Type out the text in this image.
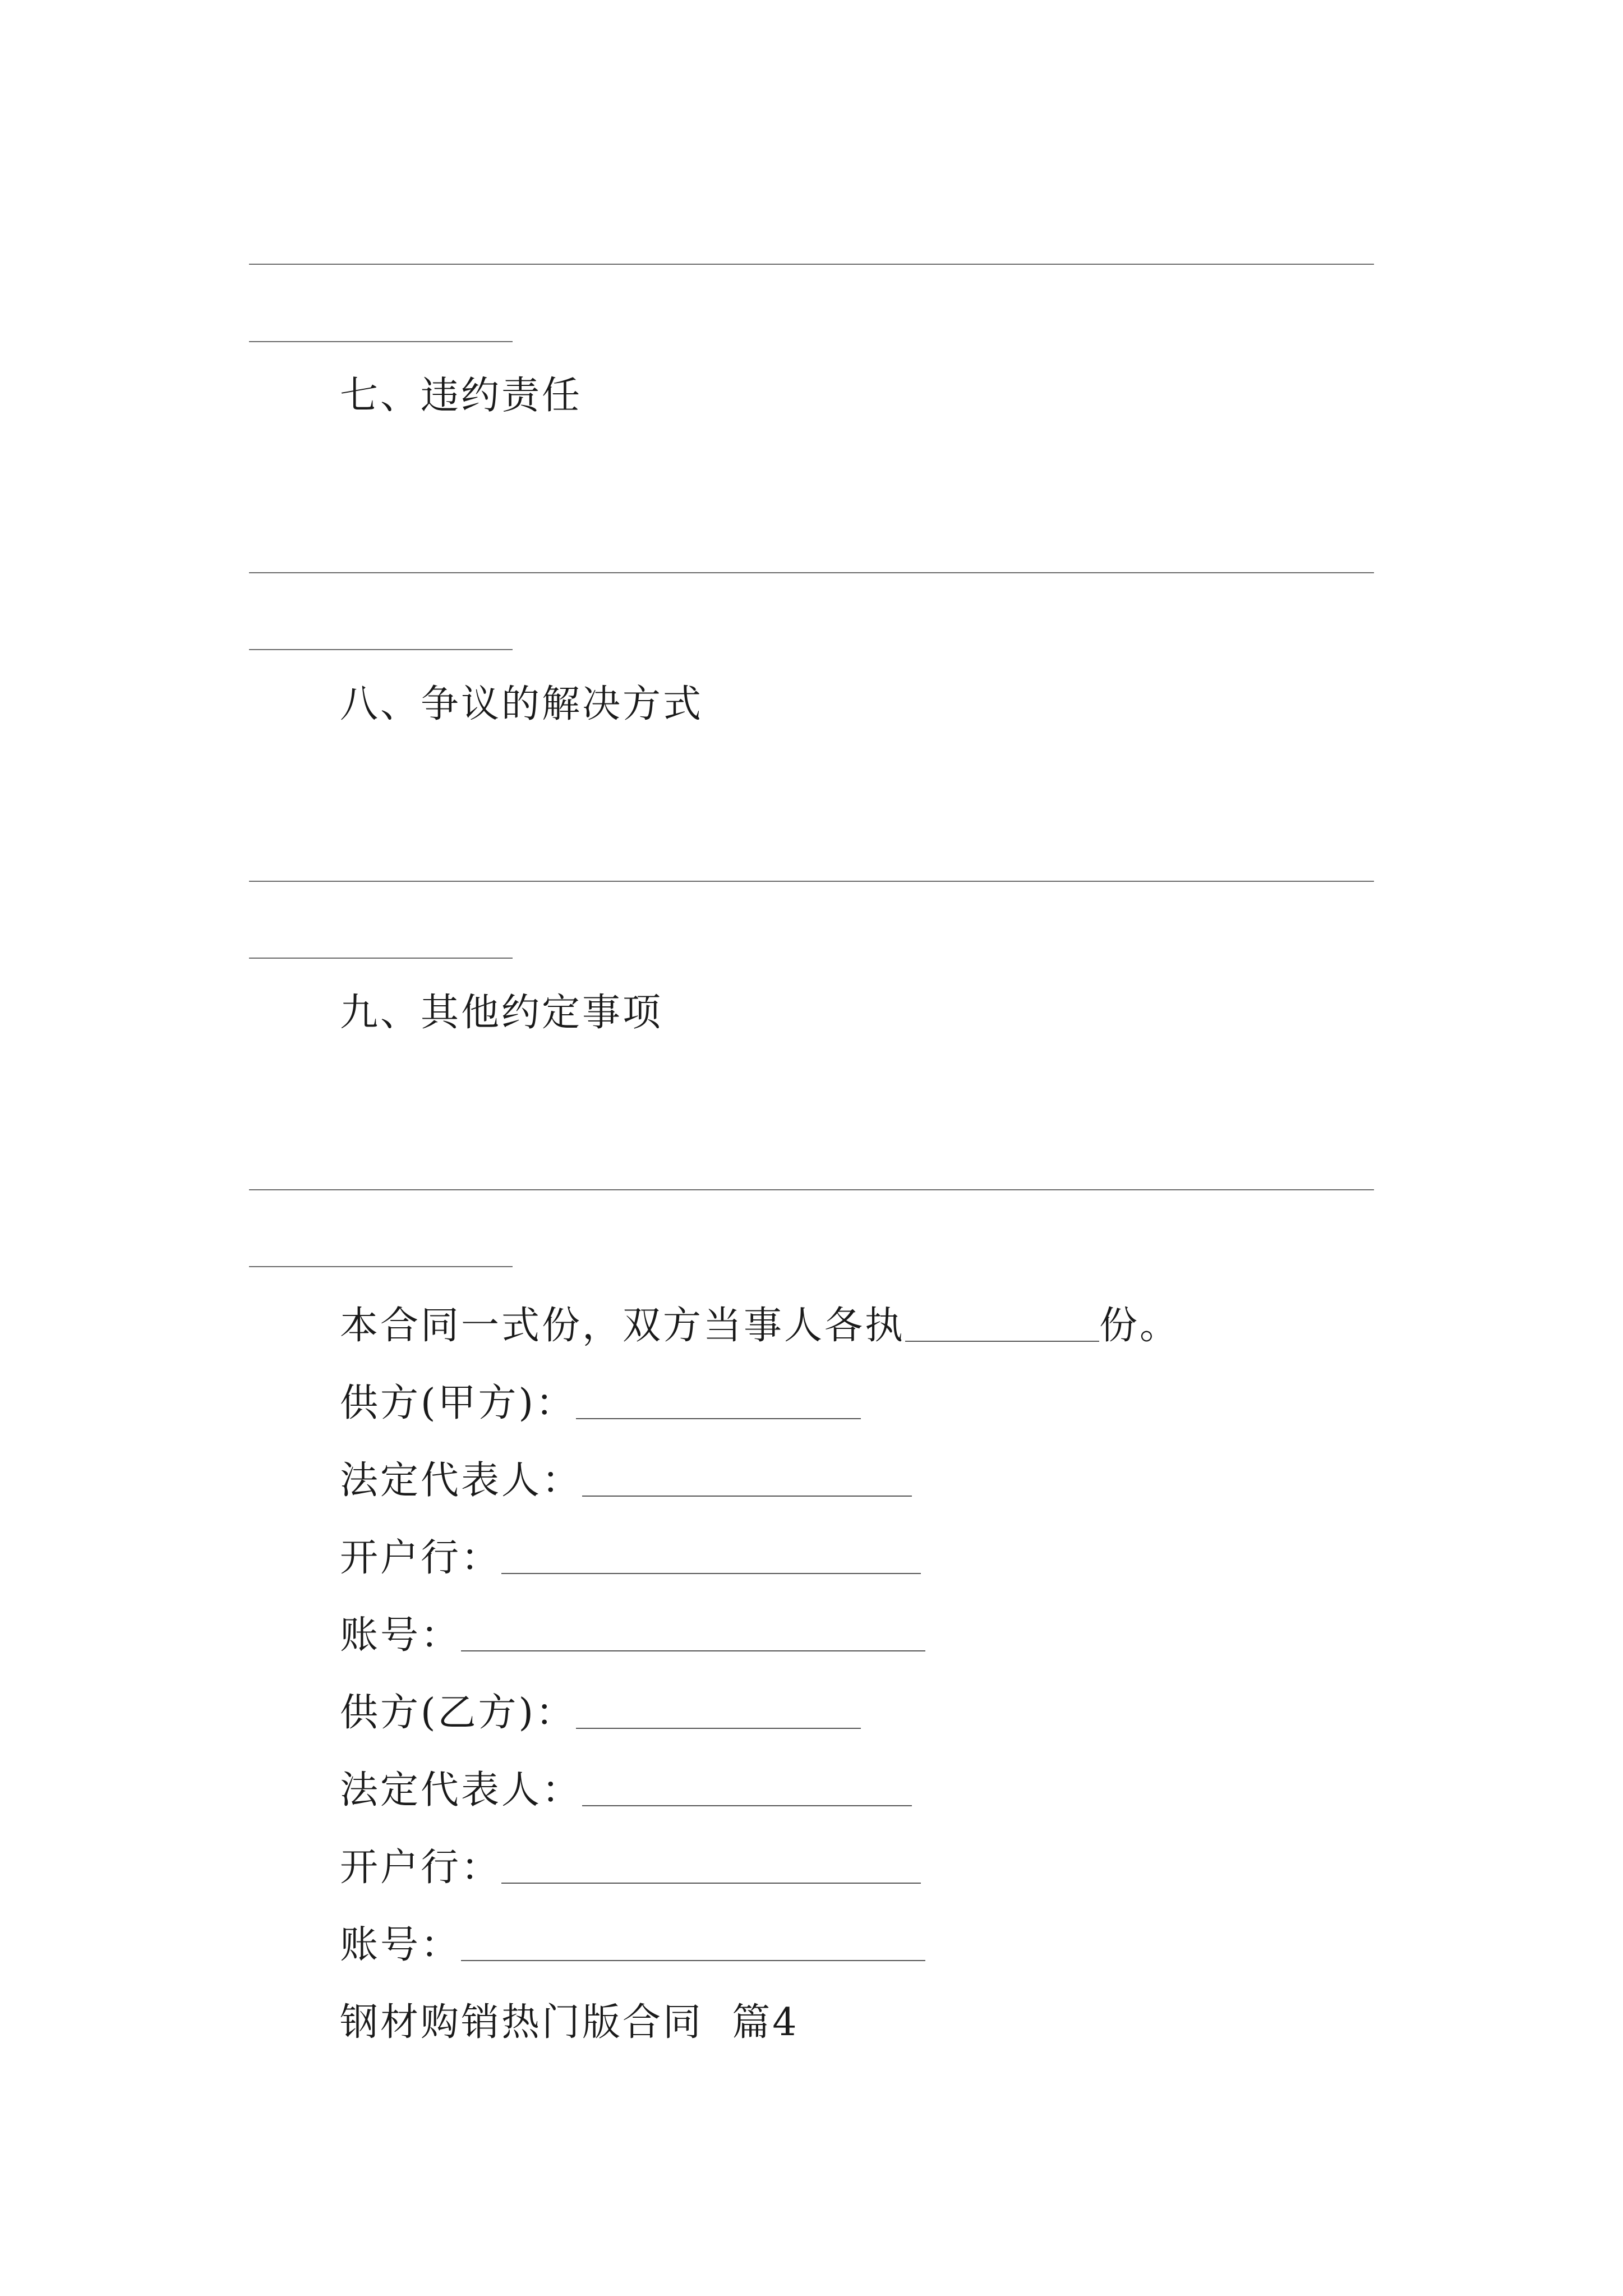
七、违约责任
八、争议的解决方式
九、其他约定事项
本合同一式份，双方当事人各执	份。
供方(甲方)：
法定代表人：
开户行：
账号：
供方(乙方)：
法定代表人：
开户行：
账号：
钢材购销热门版合同  篇4
